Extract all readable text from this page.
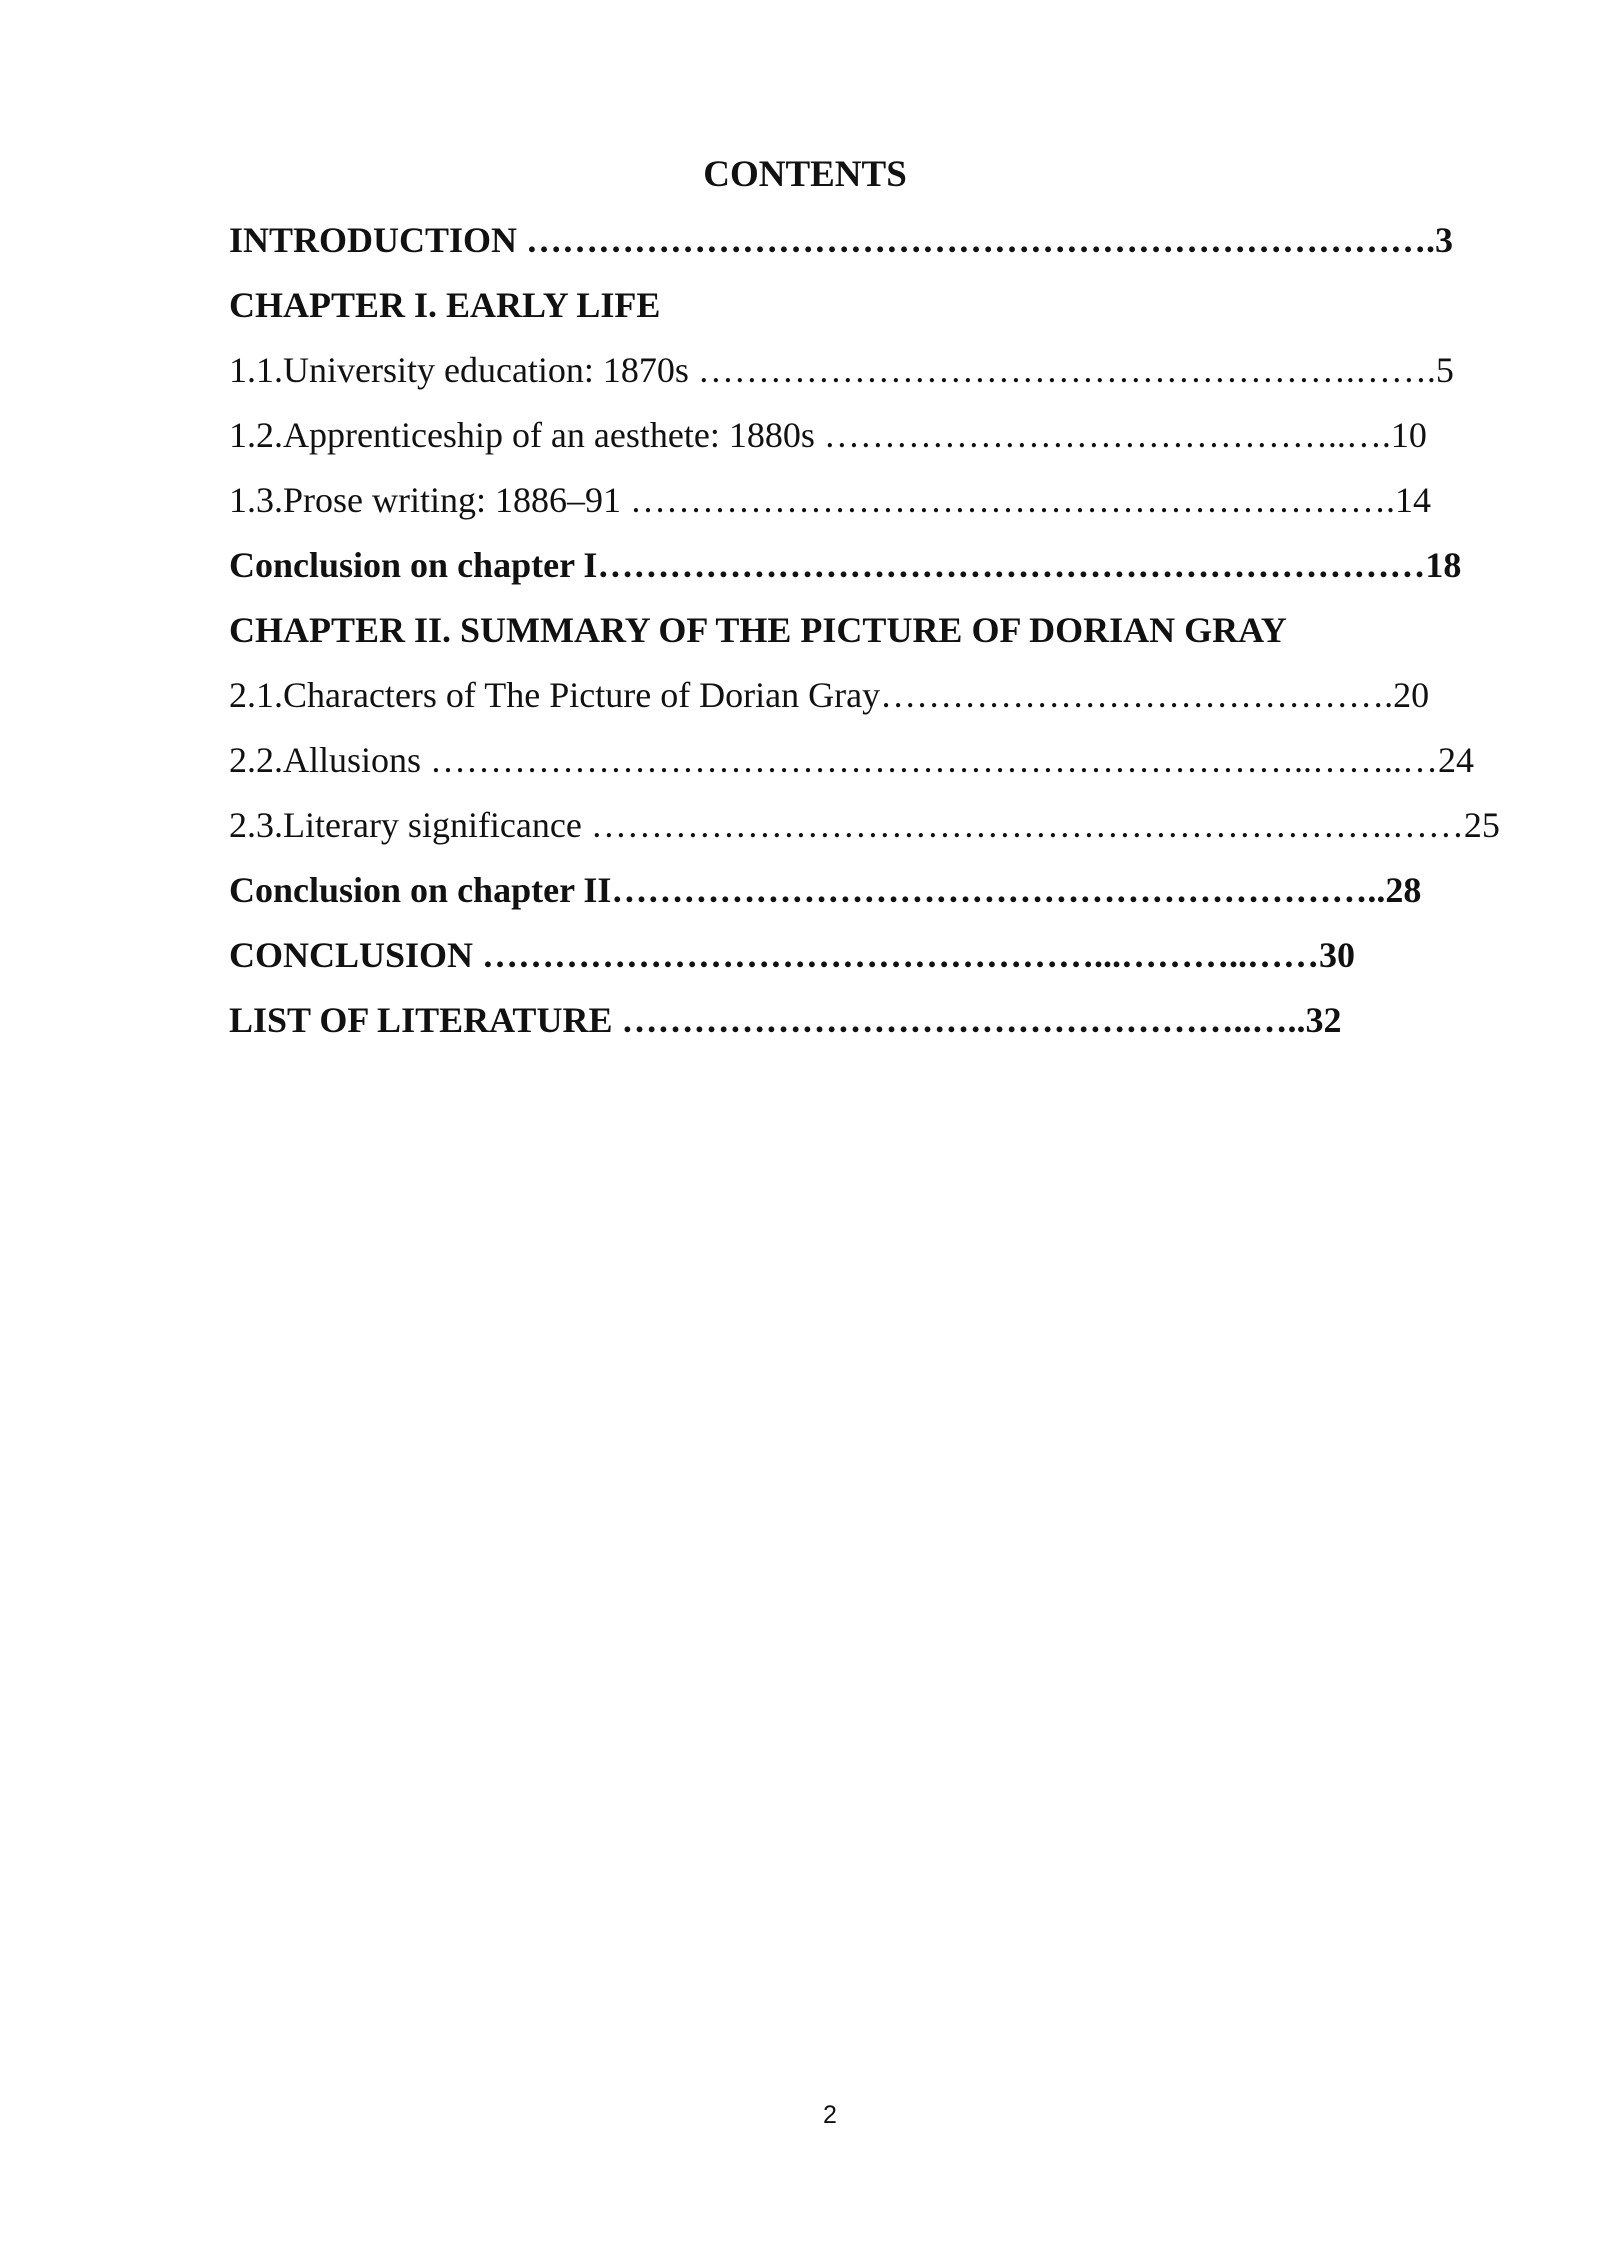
CONTENTS
INTRODUCTION ………………………………………………………………….3
CHAPTER I. EARLY LIFE
1.1.University education: 1870s ……………………………………………….…….5
1.2.Apprenticeship of an aesthete: 1880s ……………………………………..….10
1.3.Prose writing: 1886–91 ……………………………………………………….14
Conclusion on chapter I……………………………………………………………18
CHAPTER II. SUMMARY OF THE PICTURE OF DORIAN GRAY
2.1.Characters of The Picture of Dorian Gray…………………………………….20
2.2.Allusions ………………………………………………………………..……..…24
2.3.Literary significance ………………………………………………………….……25
Conclusion on chapter II………………………………………………………..28
CONCLUSION ……………………………………………...………..……30
LIST OF LITERATURE ……………………………………………..…..32
2
